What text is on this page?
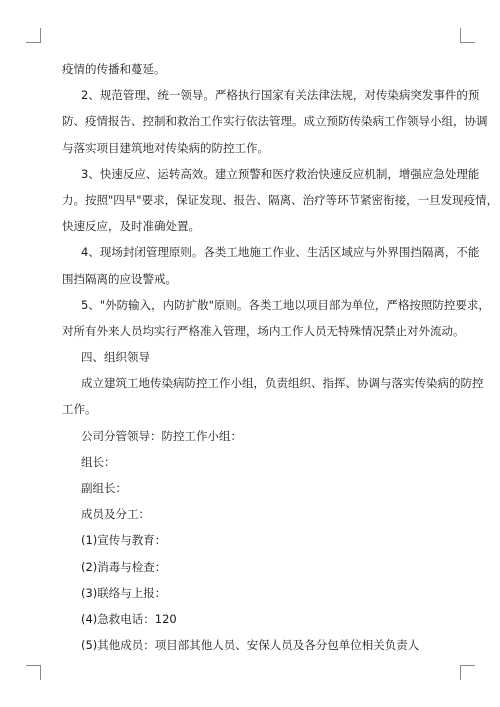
疫情的传播和蔓延。
2、规范管理、统一领导。严格执行国家有关法律法规，对传染病突发事件的预
防、疫情报告、控制和救治工作实行依法管理。成立预防传染病工作领导小组，协调
与落实项目建筑地对传染病的防控工作。
3、快速反应、运转高效。建立预警和医疗救治快速反应机制，增强应急处理能
力。按照"四早"要求，保证发现、报告、隔离、治疗等环节紧密衔接，一旦发现疫情，
快速反应，及时准确处置。
4、现场封闭管理原则。各类工地施工作业、生活区域应与外界围挡隔离，不能
围挡隔离的应设警戒。
5、"外防输入，内防扩散"原则。各类工地以项目部为单位，严格按照防控要求，
对所有外来人员均实行严格准入管理，场内工作人员无特殊情况禁止对外流动。
四、组织领导
成立建筑工地传染病防控工作小组，负责组织、指挥、协调与落实传染病的防控
工作。
公司分管领导：防控工作小组：
组长：
副组长：
成员及分工：
(1)宣传与教育：
(2)消毒与检查：
(3)联络与上报：
(4)急救电话：120
(5)其他成员：项目部其他人员、安保人员及各分包单位相关负责人
